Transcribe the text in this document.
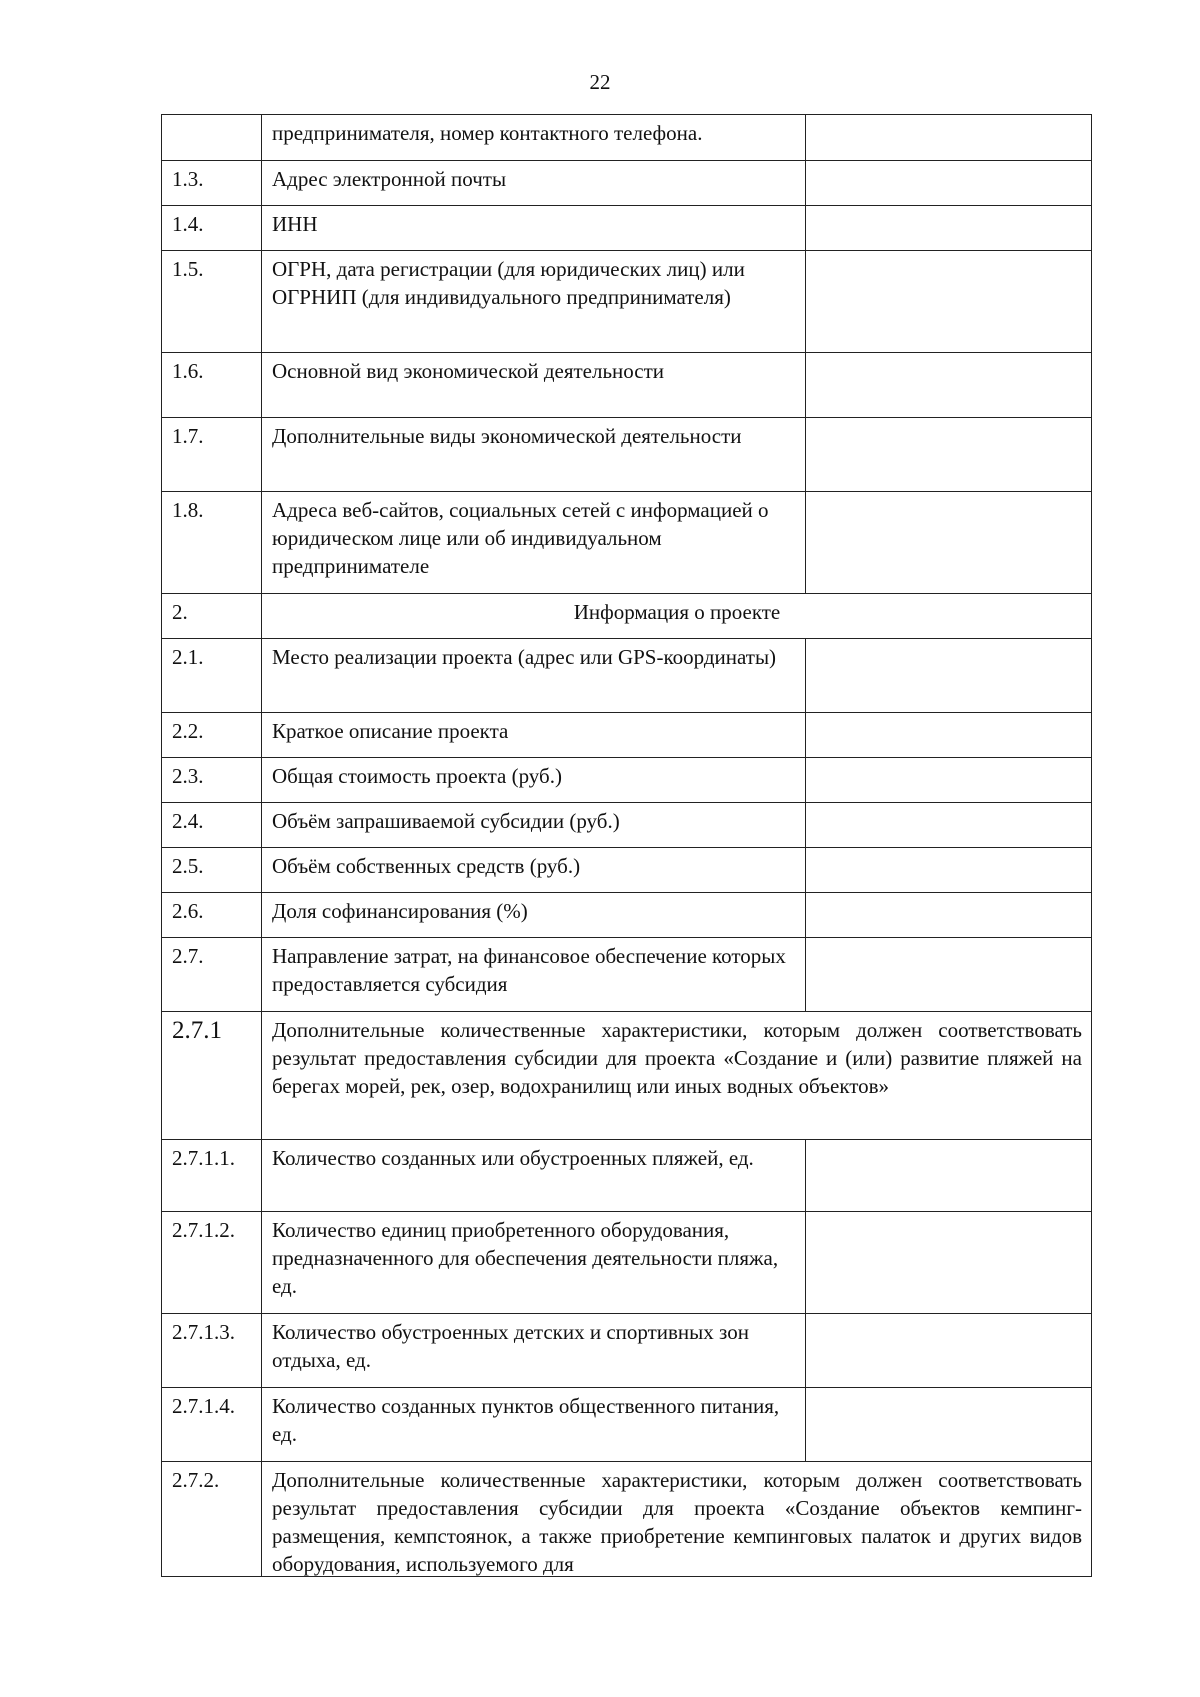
22
	предпринимателя, номер контактного телефона.	
1.3.	Адрес электронной почты	
1.4.	ИНН	
1.5.	ОГРН, дата регистрации (для юридических лиц) или ОГРНИП (для индивидуального предпринимателя)	
1.6.	Основной вид экономической деятельности	
1.7.	Дополнительные виды экономической деятельности	
1.8.	Адреса веб-сайтов, социальных сетей с информацией о юридическом лице или об индивидуальном предпринимателе	
2.	Информация о проекте	
2.1.	Место реализации проекта (адрес или GPS-координаты)	
2.2.	Краткое описание проекта	
2.3.	Общая стоимость проекта (руб.)	
2.4.	Объём запрашиваемой субсидии (руб.)	
2.5.	Объём собственных средств (руб.)	
2.6.	Доля софинансирования (%)	
2.7.	Направление затрат, на финансовое обеспечение которых предоставляется субсидия	
2.7.1	Дополнительные количественные характеристики, которым должен соответствовать результат предоставления субсидии для проекта «Создание и (или) развитие пляжей на берегах морей, рек, озер, водохранилищ или иных водных объектов»	
2.7.1.1.	Количество созданных или обустроенных пляжей, ед.	
2.7.1.2.	Количество единиц приобретенного оборудования, предназначенного для обеспечения деятельности пляжа, ед.	
2.7.1.3.	Количество обустроенных детских и спортивных зон отдыха, ед.	
2.7.1.4.	Количество созданных пунктов общественного питания, ед.	
2.7.2.	Дополнительные количественные характеристики, которым должен соответствовать результат предоставления субсидии для проекта «Создание объектов кемпинг-размещения, кемпстоянок, а также приобретение кемпинговых палаток и других видов оборудования, используемого для	
